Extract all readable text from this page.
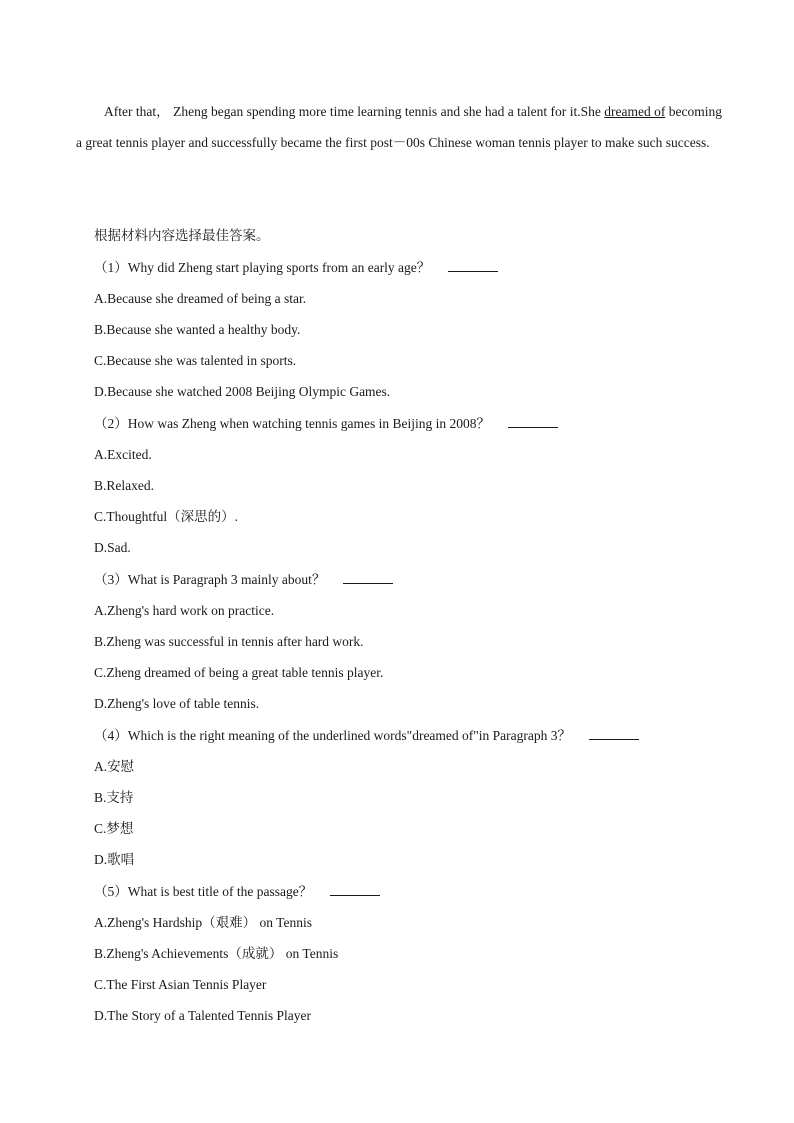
After that， Zheng began spending more time learning tennis and she had a talent for it.She dreamed of becoming a great tennis player and successfully became the first post－00s Chinese woman tennis player to make such success.
根据材料内容选择最佳答案。
（1）Why did Zheng start playing sports from an early age？
A.Because she dreamed of being a star.
B.Because she wanted a healthy body.
C.Because she was talented in sports.
D.Because she watched 2008 Beijing Olympic Games.
（2）How was Zheng when watching tennis games in Beijing in 2008？
A.Excited.
B.Relaxed.
C.Thoughtful（深思的）.
D.Sad.
（3）What is Paragraph 3 mainly about？
A.Zheng's hard work on practice.
B.Zheng was successful in tennis after hard work.
C.Zheng dreamed of being a great table tennis player.
D.Zheng's love of table tennis.
（4）Which is the right meaning of the underlined words"dreamed of"in Paragraph 3？
A.安慰
B.支持
C.梦想
D.歌唱
（5）What is best title of the passage？
A.Zheng's Hardship（艰难） on Tennis
B.Zheng's Achievements（成就） on Tennis
C.The First Asian Tennis Player
D.The Story of a Talented Tennis Player
